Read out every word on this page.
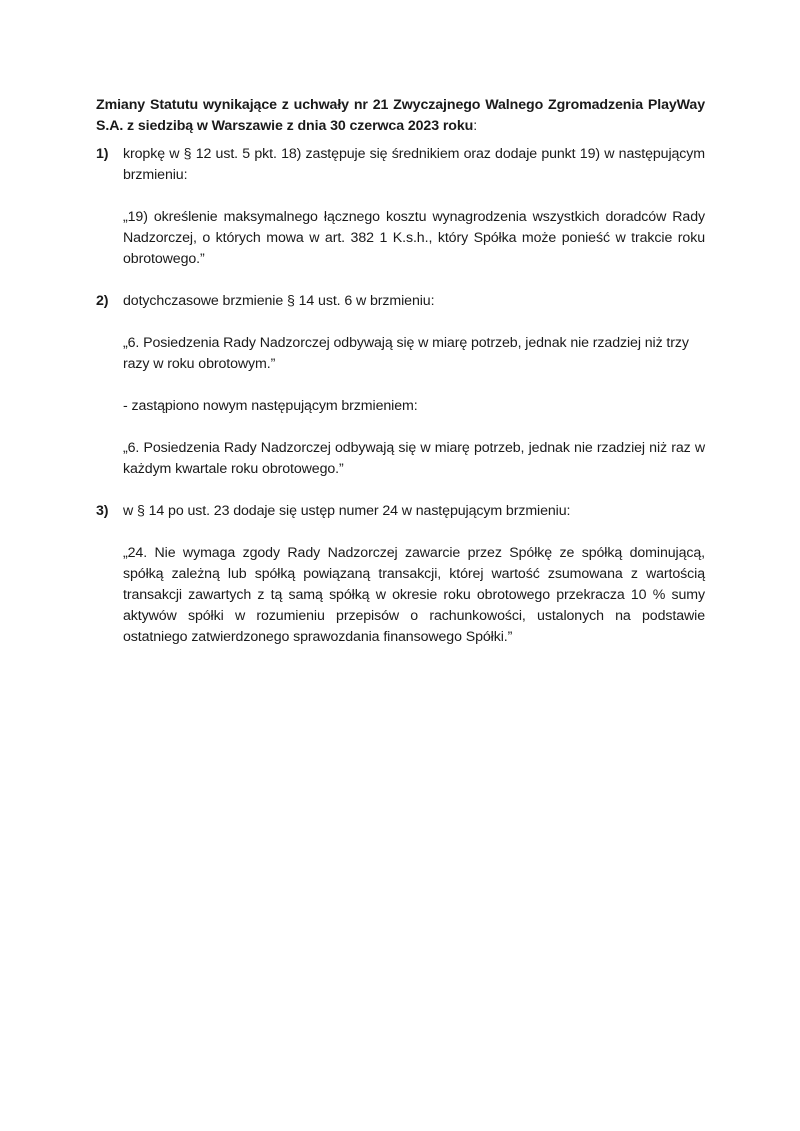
Zmiany Statutu wynikające z uchwały nr 21 Zwyczajnego Walnego Zgromadzenia PlayWay S.A. z siedzibą w Warszawie z dnia 30 czerwca 2023 roku:

1) kropkę w § 12 ust. 5 pkt. 18) zastępuje się średnikiem oraz dodaje punkt 19) w następującym brzmieniu:

„19) określenie maksymalnego łącznego kosztu wynagrodzenia wszystkich doradców Rady Nadzorczej, o których mowa w art. 382 1 K.s.h., który Spółka może ponieść w trakcie roku obrotowego.”

2) dotychczasowe brzmienie § 14 ust. 6 w brzmieniu:

„6. Posiedzenia Rady Nadzorczej odbywają się w miarę potrzeb, jednak nie rzadziej niż trzy razy w roku obrotowym.”

- zastąpiono nowym następującym brzmieniem:

„6. Posiedzenia Rady Nadzorczej odbywają się w miarę potrzeb, jednak nie rzadziej niż raz w każdym kwartale roku obrotowego.”

3) w § 14 po ust. 23 dodaje się ustęp numer 24 w następującym brzmieniu:

„24. Nie wymaga zgody Rady Nadzorczej zawarcie przez Spółkę ze spółką dominującą, spółką zależną lub spółką powiązaną transakcji, której wartość zsumowana z wartością transakcji zawartych z tą samą spółką w okresie roku obrotowego przekracza 10 % sumy aktywów spółki w rozumieniu przepisów o rachunkowości, ustalonych na podstawie ostatniego zatwierdzonego sprawozdania finansowego Spółki.”
